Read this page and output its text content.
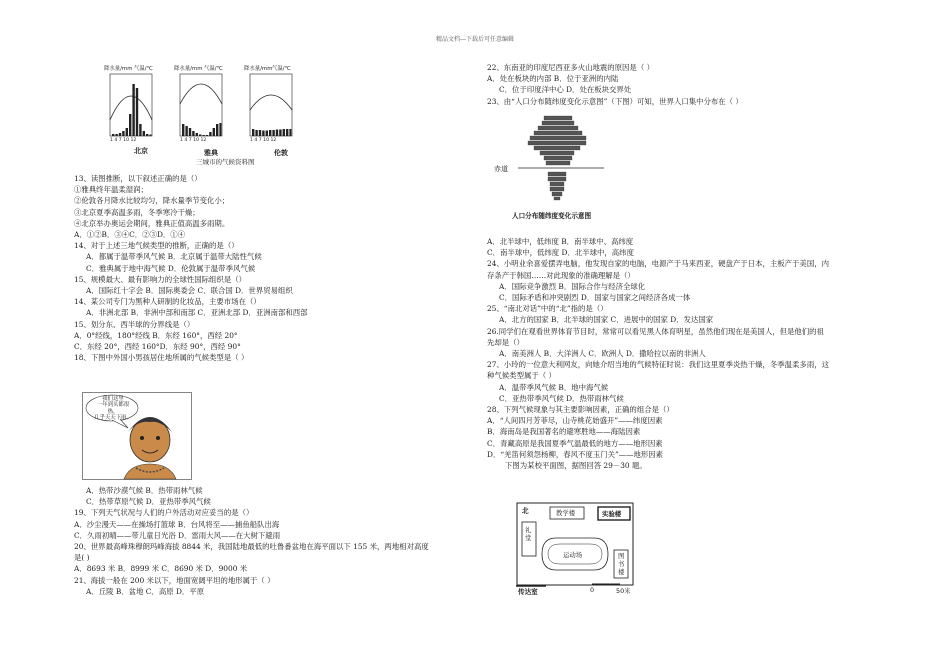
精品文档---下载后可任意编辑
降水量/mm 气温/℃	降水量/mm 气温/℃	降水量/mm 气温/℃
1 4 7 10 12	1 4 7 10 12	1 4 7 10 12
北京	雅典	伦敦
三城市的气候资料图

13、读图推断，以下叙述正确的是（）

①雅典终年温柔湿润；

②伦敦各月降水比较均匀，降水量季节变化小；

③北京夏季高温多雨，冬季寒冷干燥；

④北京举办奥运会期间，雅典正值高温多雨期。

A．①②B．③④C．②③D．①④

14、对于上述三地气候类型的推断，正确的是（）

A．都属于温带季风气候 B．北京属于温带大陆性气候

C．雅典属于地中海气候 D．伦敦属于温带季风气候

15、规模最大、最有影响力的全球性国际组织是（）

A．国际红十字会 B．国际奥委会 C．联合国 D．世界贸易组织

14、某公司专门为黑种人研制的化妆品，主要市场在（）

A．非洲北部 B．非洲中部和南部 C．亚洲北部 D．亚洲南部和西部

15、划分东、西半球的分界线是（）

A．0°经线，180°经线 B．东经 160°，西经 20°

C．东经 20°，西经 160°D．东经 90°，西经 90°

18、下图中外国小男孩居住地所属的气候类型是（ ）

我们这里
一年到头都很热，
几乎天天下雨。

A．热带沙漠气候 B．热带雨林气候

C．热带草原气候 D．亚热带季风气候

19、下列天气状况与人们的户外活动对应妥当的是（）

A．沙尘漫天——在操场打篮球 B．台风将至——捕鱼船队出海

C．久雨初晴——带儿童日光浴 D．雷雨大风——在大树下避雨

20、世界最高峰珠穆朗玛峰海拔 8844 米，我国陆地最低的吐鲁番盆地在海平面以下 155 米，两地相对高度

是( )

A．8693 米 B．8999 米 C．8690 米 D．9000 米

21、海拔一般在 200 米以下，地面宽阔平坦的地形属于（ ）

A．丘陵 B．盆地 C．高原 D．平原

22、东南亚的印度尼西亚多火山地震的原因是（ ）

A．处在板块的内部 B．位于亚洲的内陆

C．位于印度洋中心 D．处在板块交界处

23、由“人口分布随纬度变化示意图”（下图）可知，世界人口集中分布在（ ）

赤道
人口分布随纬度变化示意图

A．北半球中，低纬度 B．南半球中、高纬度

C．南半球中，低纬度 D．北半球中，高纬度

24、小明业余喜爱摆弄电脑，他发现自家的电脑，电源产于马来西亚，硬盘产于日本，主板产于美国，内

存条产于韩国……对此现象的准确理解是（）

A．国际竞争激烈 B．国际合作与经济全球化

C．国际矛盾和冲突剧烈 D．国家与国家之间经济各成一体

25、“南北对话”中的“北”指的是（）

A．北方的国家 B．北半球的国家 C．进展中的国家 D．发达国家

26.同学们在观看世界体育节目时，常常可以看见黑人体育明星，虽然他们现在是美国人，但是他们的祖

先却是（）

A．南美洲人 B．大洋洲人 C．欧洲人 D．撒哈拉以南的非洲人

27、小玲的一位意大利网友，向她介绍当地的气候特征时说：我们这里夏季炎热干燥，冬季温柔多雨，这

种气候类型属于（ ）

A．温带季风气候 B．地中海气候

C．亚热带季风气候 D．热带雨林气候

28、下列气候现象与其主要影响因素，正确的组合是（）

A．“人间四月芳菲尽，山寺桃花始盛开”——纬度因素

B．海南岛是我国著名的避寒胜地——海陆因素

C．青藏高原是我国夏季气温最低的地方——地形因素

D．“羌笛何须怨杨柳，春风不度玉门关”——地形因素

下图为某校平面图，据图回答 29－30 题。

北	教学楼	实验楼
礼堂
运动场	图书楼
传达室	0	50米
